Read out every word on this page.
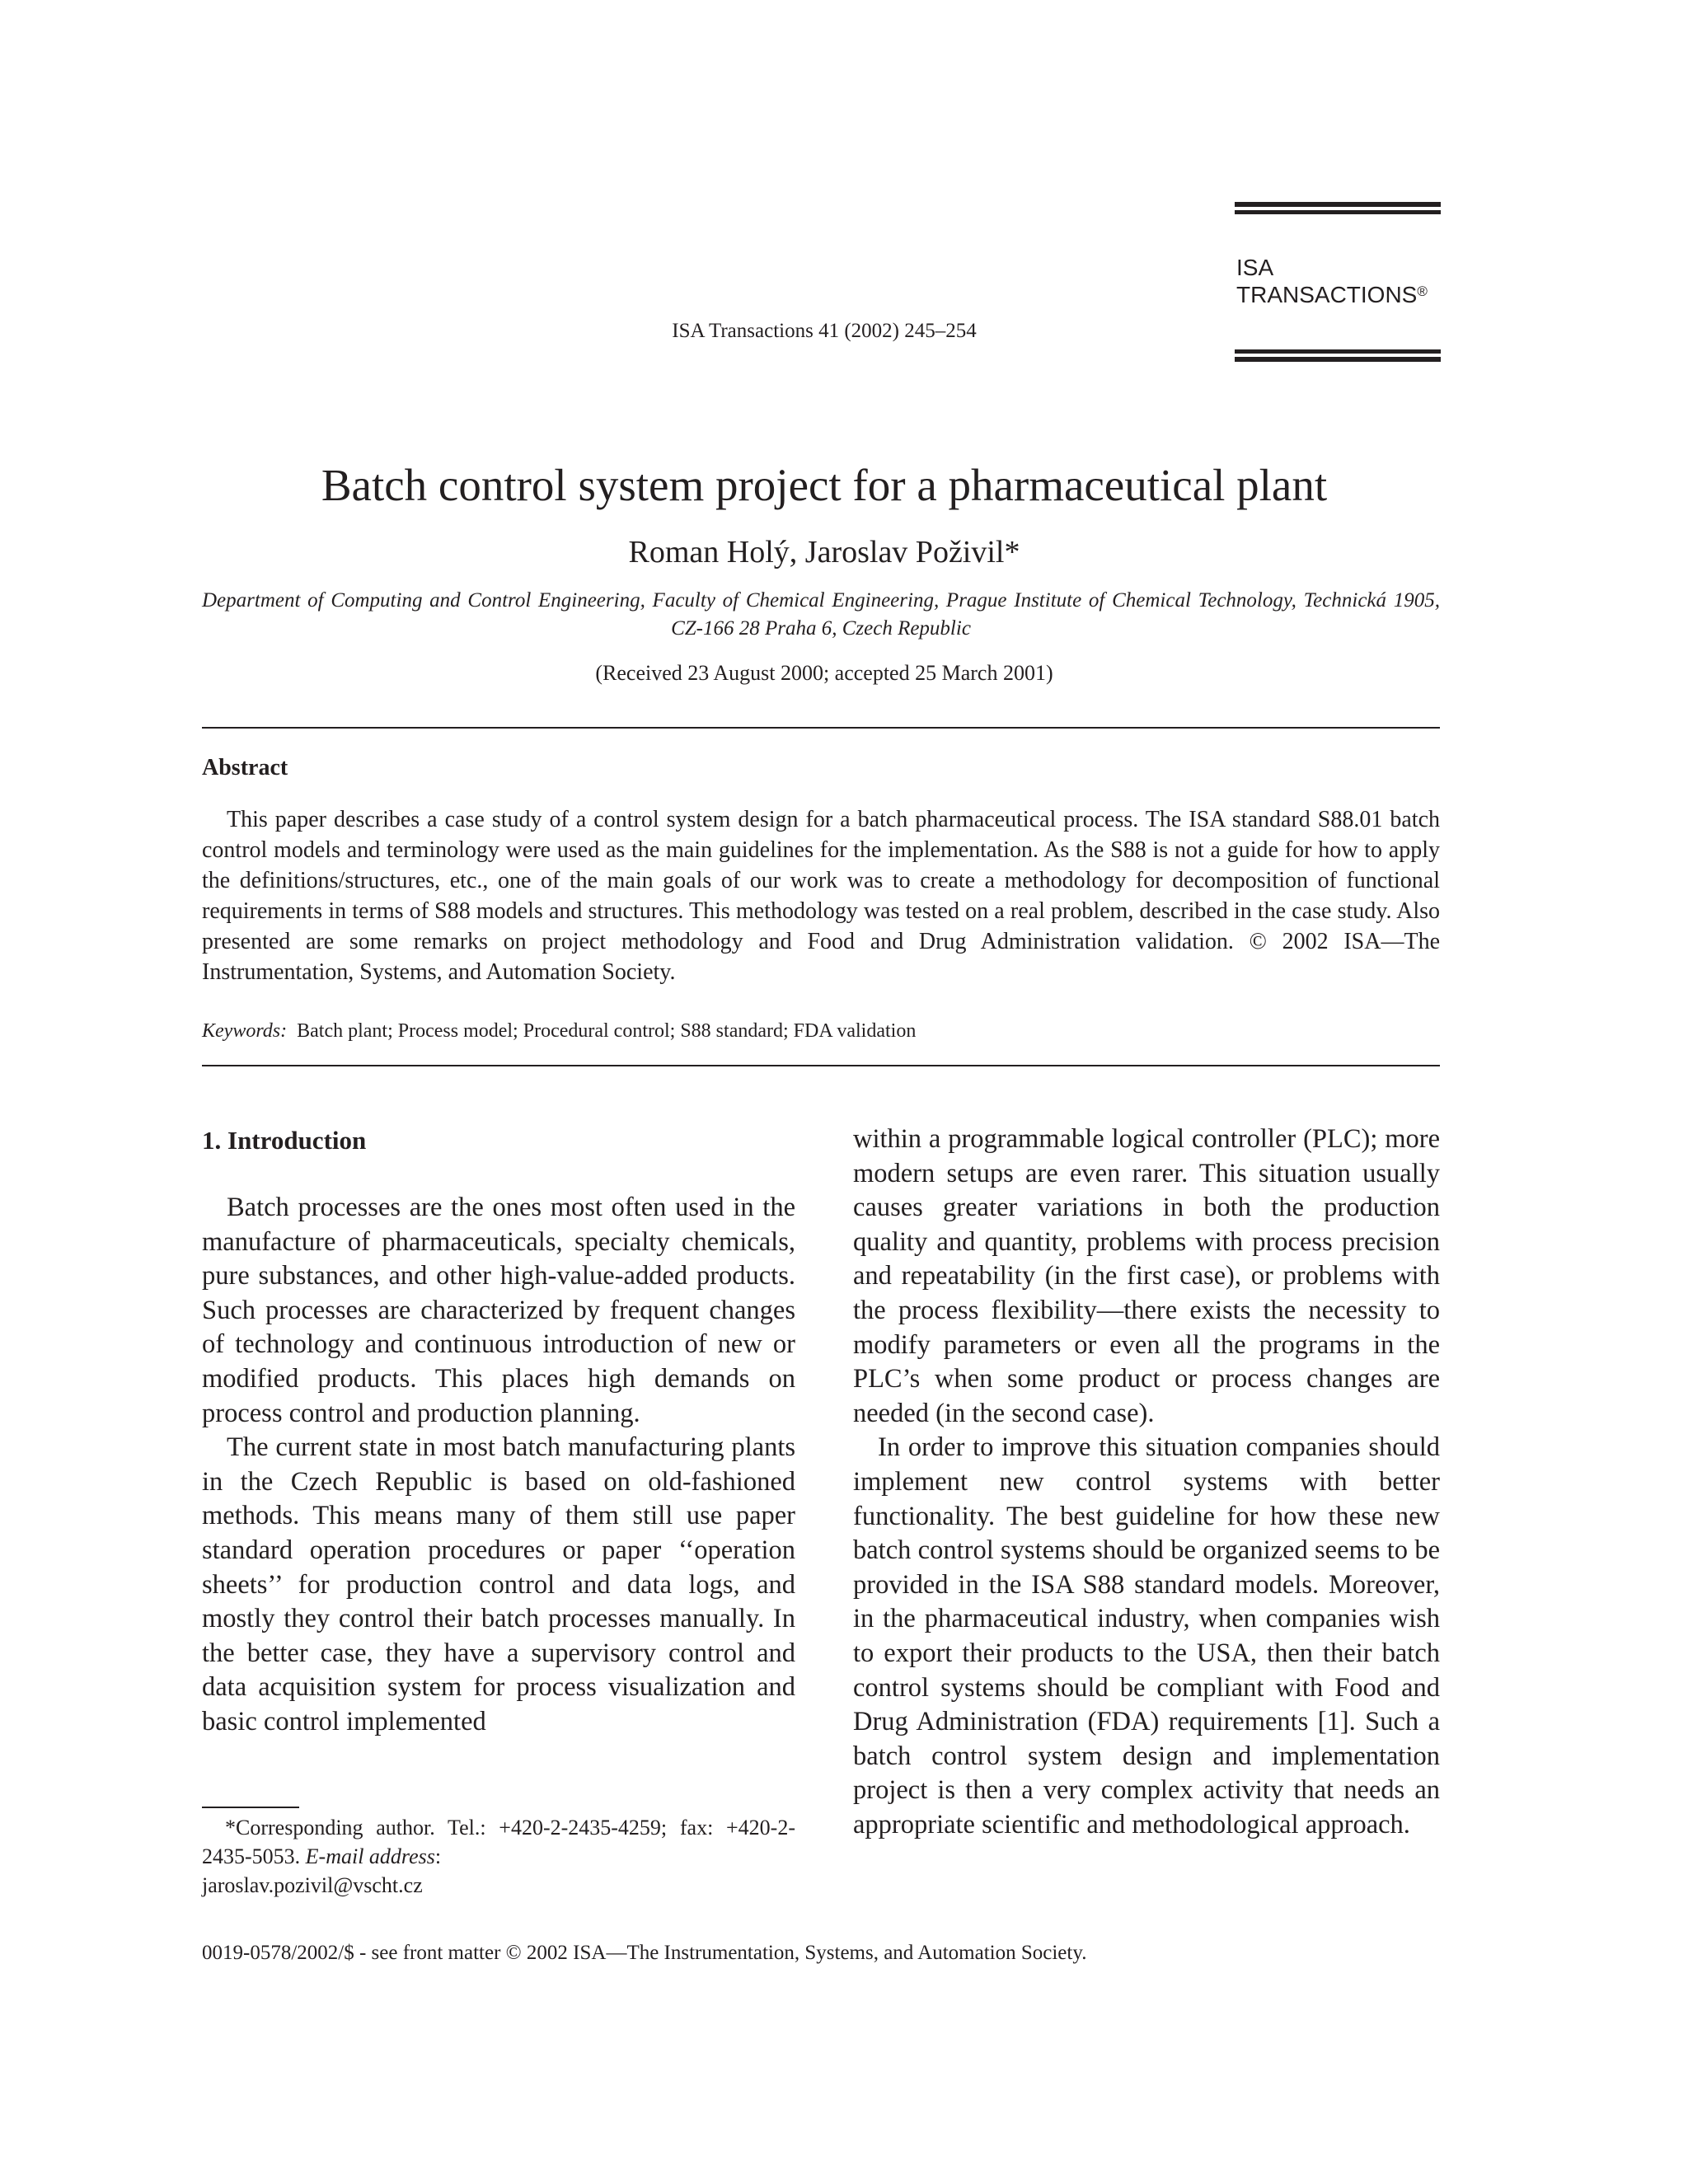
ISA
TRANSACTIONS®
ISA Transactions 41 (2002) 245–254
Batch control system project for a pharmaceutical plant
Roman Holý, Jaroslav Poživil*
Department of Computing and Control Engineering, Faculty of Chemical Engineering, Prague Institute of Chemical Technology, Technická 1905, CZ-166 28 Praha 6, Czech Republic
(Received 23 August 2000; accepted 25 March 2001)
Abstract

This paper describes a case study of a control system design for a batch pharmaceutical process. The ISA standard S88.01 batch control models and terminology were used as the main guidelines for the implementation. As the S88 is not a guide for how to apply the definitions/structures, etc., one of the main goals of our work was to create a methodology for decomposition of functional requirements in terms of S88 models and structures. This methodology was tested on a real problem, described in the case study. Also presented are some remarks on project methodology and Food and Drug Administration validation. © 2002 ISA—The Instrumentation, Systems, and Automation Society.

Keywords: Batch plant; Process model; Procedural control; S88 standard; FDA validation
1. Introduction

Batch processes are the ones most often used in the manufacture of pharmaceuticals, specialty chemicals, pure substances, and other high-value-added products. Such processes are characterized by frequent changes of technology and continuous introduction of new or modified products. This places high demands on process control and production planning.

The current state in most batch manufacturing plants in the Czech Republic is based on old-fashioned methods. This means many of them still use paper standard operation procedures or paper ‘‘operation sheets’’ for production control and data logs, and mostly they control their batch processes manually. In the better case, they have a supervisory control and data acquisition system for process visualization and basic control implemented

within a programmable logical controller (PLC); more modern setups are even rarer. This situation usually causes greater variations in both the production quality and quantity, problems with process precision and repeatability (in the first case), or problems with the process flexibility—there exists the necessity to modify parameters or even all the programs in the PLC’s when some product or process changes are needed (in the second case).

In order to improve this situation companies should implement new control systems with better functionality. The best guideline for how these new batch control systems should be organized seems to be provided in the ISA S88 standard models. Moreover, in the pharmaceutical industry, when companies wish to export their products to the USA, then their batch control systems should be compliant with Food and Drug Administration (FDA) requirements [1]. Such a batch control system design and implementation project is then a very complex activity that needs an appropriate scientific and methodological approach.

*Corresponding author. Tel.: +420-2-2435-4259; fax: +420-2-2435-5053. E-mail address:
jaroslav.pozivil@vscht.cz

0019-0578/2002/$ - see front matter © 2002 ISA—The Instrumentation, Systems, and Automation Society.
